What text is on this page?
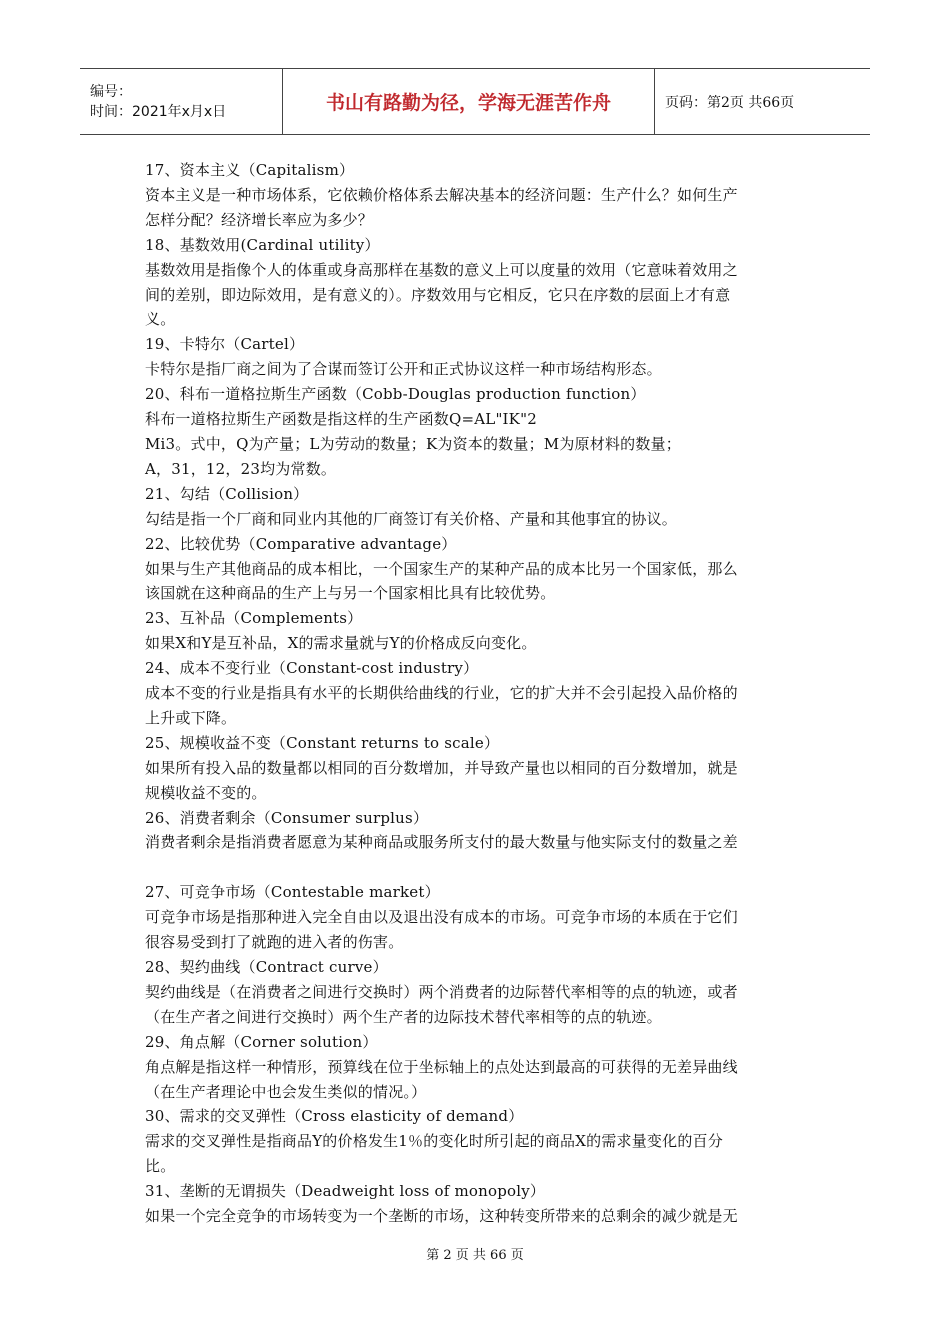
编号：
时间：2021年x月x日	书山有路勤为径，学海无涯苦作舟	页码：第2页 共66页
17、资本主义（Capitalism）
资本主义是一种市场体系，它依赖价格体系去解决基本的经济问题：生产什么？如何生产
怎样分配？经济增长率应为多少？
18、基数效用(Cardinal utility）
基数效用是指像个人的体重或身高那样在基数的意义上可以度量的效用（它意味着效用之
间的差别，即边际效用，是有意义的）。序数效用与它相反，它只在序数的层面上才有意
义。
19、卡特尔（Cartel）
卡特尔是指厂商之间为了合谋而签订公开和正式协议这样一种市场结构形态。
20、科布一道格拉斯生产函数（Cobb-Douglas production function）
科布一道格拉斯生产函数是指这样的生产函数Q=AL"IK"2
Mi3。式中，Q为产量；L为劳动的数量；K为资本的数量；M为原材料的数量；
A，31，12，23均为常数。
21、勾结（Collision）
勾结是指一个厂商和同业内其他的厂商签订有关价格、产量和其他事宜的协议。
22、比较优势（Comparative advantage）
如果与生产其他商品的成本相比，一个国家生产的某种产品的成本比另一个国家低，那么
该国就在这种商品的生产上与另一个国家相比具有比较优势。
23、互补品（Complements）
如果X和Y是互补品，X的需求量就与Y的价格成反向变化。
24、成本不变行业（Constant-cost industry）
成本不变的行业是指具有水平的长期供给曲线的行业，它的扩大并不会引起投入品价格的
上升或下降。
25、规模收益不变（Constant returns to scale）
如果所有投入品的数量都以相同的百分数增加，并导致产量也以相同的百分数增加，就是
规模收益不变的。
26、消费者剩余（Consumer surplus）
消费者剩余是指消费者愿意为某种商品或服务所支付的最大数量与他实际支付的数量之差
27、可竞争市场（Contestable market）
可竞争市场是指那种进入完全自由以及退出没有成本的市场。可竞争市场的本质在于它们
很容易受到打了就跑的进入者的伤害。
28、契约曲线（Contract curve）
契约曲线是（在消费者之间进行交换时）两个消费者的边际替代率相等的点的轨迹，或者
（在生产者之间进行交换时）两个生产者的边际技术替代率相等的点的轨迹。
29、角点解（Corner solution）
角点解是指这样一种情形，预算线在位于坐标轴上的点处达到最高的可获得的无差异曲线
（在生产者理论中也会发生类似的情况。）
30、需求的交叉弹性（Cross elasticity of demand）
需求的交叉弹性是指商品Y的价格发生1％的变化时所引起的商品X的需求量变化的百分
比。
31、垄断的无谓损失（Deadweight loss of monopoly）
如果一个完全竞争的市场转变为一个垄断的市场，这种转变所带来的总剩余的减少就是无
第 2 页 共 66 页
